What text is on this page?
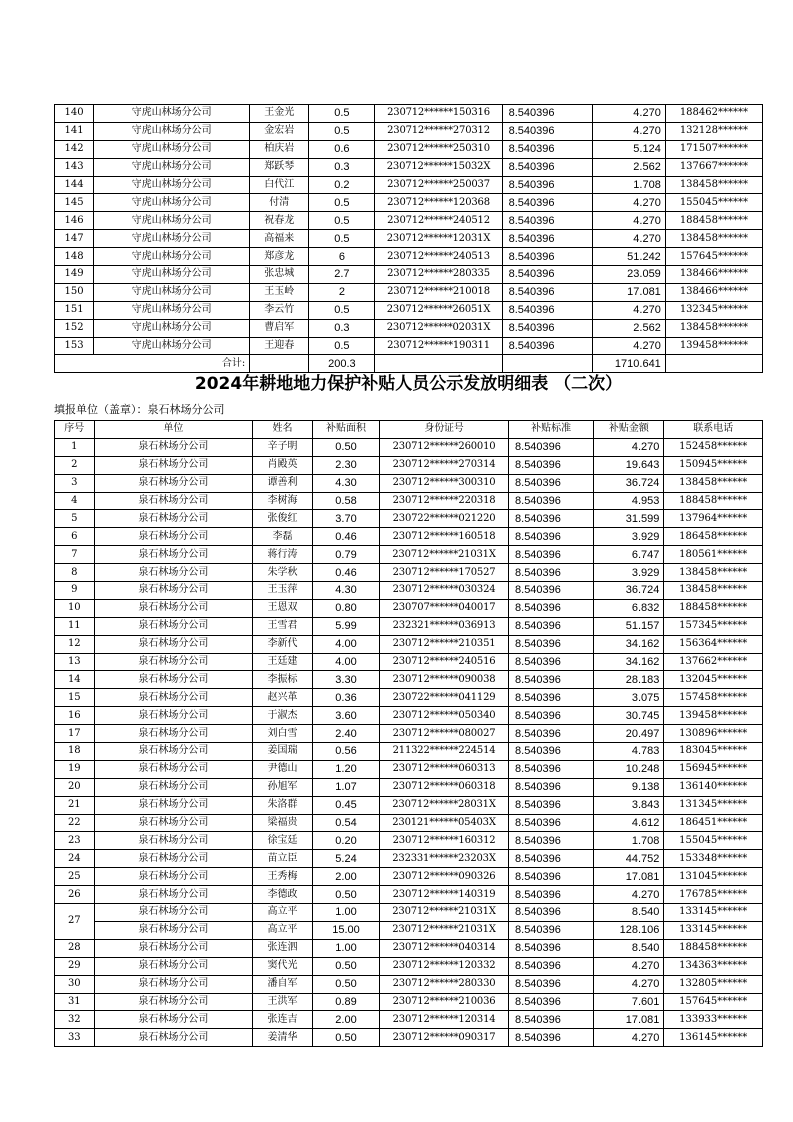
140	守虎山林场分公司	王金光	0.5	230712******150316	8.540396	4.270	188462******
141	守虎山林场分公司	金宏岩	0.5	230712******270312	8.540396	4.270	132128******
142	守虎山林场分公司	柏庆岩	0.6	230712******250310	8.540396	5.124	171507******
143	守虎山林场分公司	郑跃琴	0.3	230712******15032X	8.540396	2.562	137667******
144	守虎山林场分公司	白代江	0.2	230712******250037	8.540396	1.708	138458******
145	守虎山林场分公司	付清	0.5	230712******120368	8.540396	4.270	155045******
146	守虎山林场分公司	祝春龙	0.5	230712******240512	8.540396	4.270	188458******
147	守虎山林场分公司	高福来	0.5	230712******12031X	8.540396	4.270	138458******
148	守虎山林场分公司	郑彦龙	6	230712******240513	8.540396	51.242	157645******
149	守虎山林场分公司	张忠城	2.7	230712******280335	8.540396	23.059	138466******
150	守虎山林场分公司	王玉岭	2	230712******210018	8.540396	17.081	138466******
151	守虎山林场分公司	李云竹	0.5	230712******26051X	8.540396	4.270	132345******
152	守虎山林场分公司	曹启军	0.3	230712******02031X	8.540396	2.562	138458******
153	守虎山林场分公司	王迎春	0.5	230712******190311	8.540396	4.270	139458******
合计:			200.3			1710.641	
2024年耕地地力保护补贴人员公示发放明细表 （二次）
填报单位（盖章）：泉石林场分公司
序号	单位	姓名	补贴面积	身份证号	补贴标准	补贴金额	联系电话
1	泉石林场分公司	辛子明	0.50	230712******260010	8.540396	4.270	152458******
2	泉石林场分公司	肖殿英	2.30	230712******270314	8.540396	19.643	150945******
3	泉石林场分公司	谭善利	4.30	230712******300310	8.540396	36.724	138458******
4	泉石林场分公司	李树海	0.58	230712******220318	8.540396	4.953	188458******
5	泉石林场分公司	张俊红	3.70	230722******021220	8.540396	31.599	137964******
6	泉石林场分公司	李磊	0.46	230712******160518	8.540396	3.929	186458******
7	泉石林场分公司	蒋行涛	0.79	230712******21031X	8.540396	6.747	180561******
8	泉石林场分公司	朱学秋	0.46	230712******170527	8.540396	3.929	138458******
9	泉石林场分公司	王玉萍	4.30	230712******030324	8.540396	36.724	138458******
10	泉石林场分公司	王恩双	0.80	230707******040017	8.540396	6.832	188458******
11	泉石林场分公司	王雪君	5.99	232321******036913	8.540396	51.157	157345******
12	泉石林场分公司	李新代	4.00	230712******210351	8.540396	34.162	156364******
13	泉石林场分公司	王廷建	4.00	230712******240516	8.540396	34.162	137662******
14	泉石林场分公司	李振标	3.30	230712******090038	8.540396	28.183	132045******
15	泉石林场分公司	赵兴革	0.36	230722******041129	8.540396	3.075	157458******
16	泉石林场分公司	于淑杰	3.60	230712******050340	8.540396	30.745	139458******
17	泉石林场分公司	刘白雪	2.40	230712******080027	8.540396	20.497	130896******
18	泉石林场分公司	姜国瑞	0.56	211322******224514	8.540396	4.783	183045******
19	泉石林场分公司	尹德山	1.20	230712******060313	8.540396	10.248	156945******
20	泉石林场分公司	孙旭军	1.07	230712******060318	8.540396	9.138	136140******
21	泉石林场分公司	朱洛群	0.45	230712******28031X	8.540396	3.843	131345******
22	泉石林场分公司	梁福贵	0.54	230121******05403X	8.540396	4.612	186451******
23	泉石林场分公司	徐宝廷	0.20	230712******160312	8.540396	1.708	155045******
24	泉石林场分公司	苗立臣	5.24	232331******23203X	8.540396	44.752	153348******
25	泉石林场分公司	王秀梅	2.00	230712******090326	8.540396	17.081	131045******
26	泉石林场分公司	李德政	0.50	230712******140319	8.540396	4.270	176785******
27	泉石林场分公司	高立平	1.00	230712******21031X	8.540396	8.540	133145******
	泉石林场分公司	高立平	15.00	230712******21031X	8.540396	128.106	133145******
28	泉石林场分公司	张连泗	1.00	230712******040314	8.540396	8.540	188458******
29	泉石林场分公司	窦代光	0.50	230712******120332	8.540396	4.270	134363******
30	泉石林场分公司	潘自军	0.50	230712******280330	8.540396	4.270	132805******
31	泉石林场分公司	王洪军	0.89	230712******210036	8.540396	7.601	157645******
32	泉石林场分公司	张连吉	2.00	230712******120314	8.540396	17.081	133933******
33	泉石林场分公司	姜清华	0.50	230712******090317	8.540396	4.270	136145******
